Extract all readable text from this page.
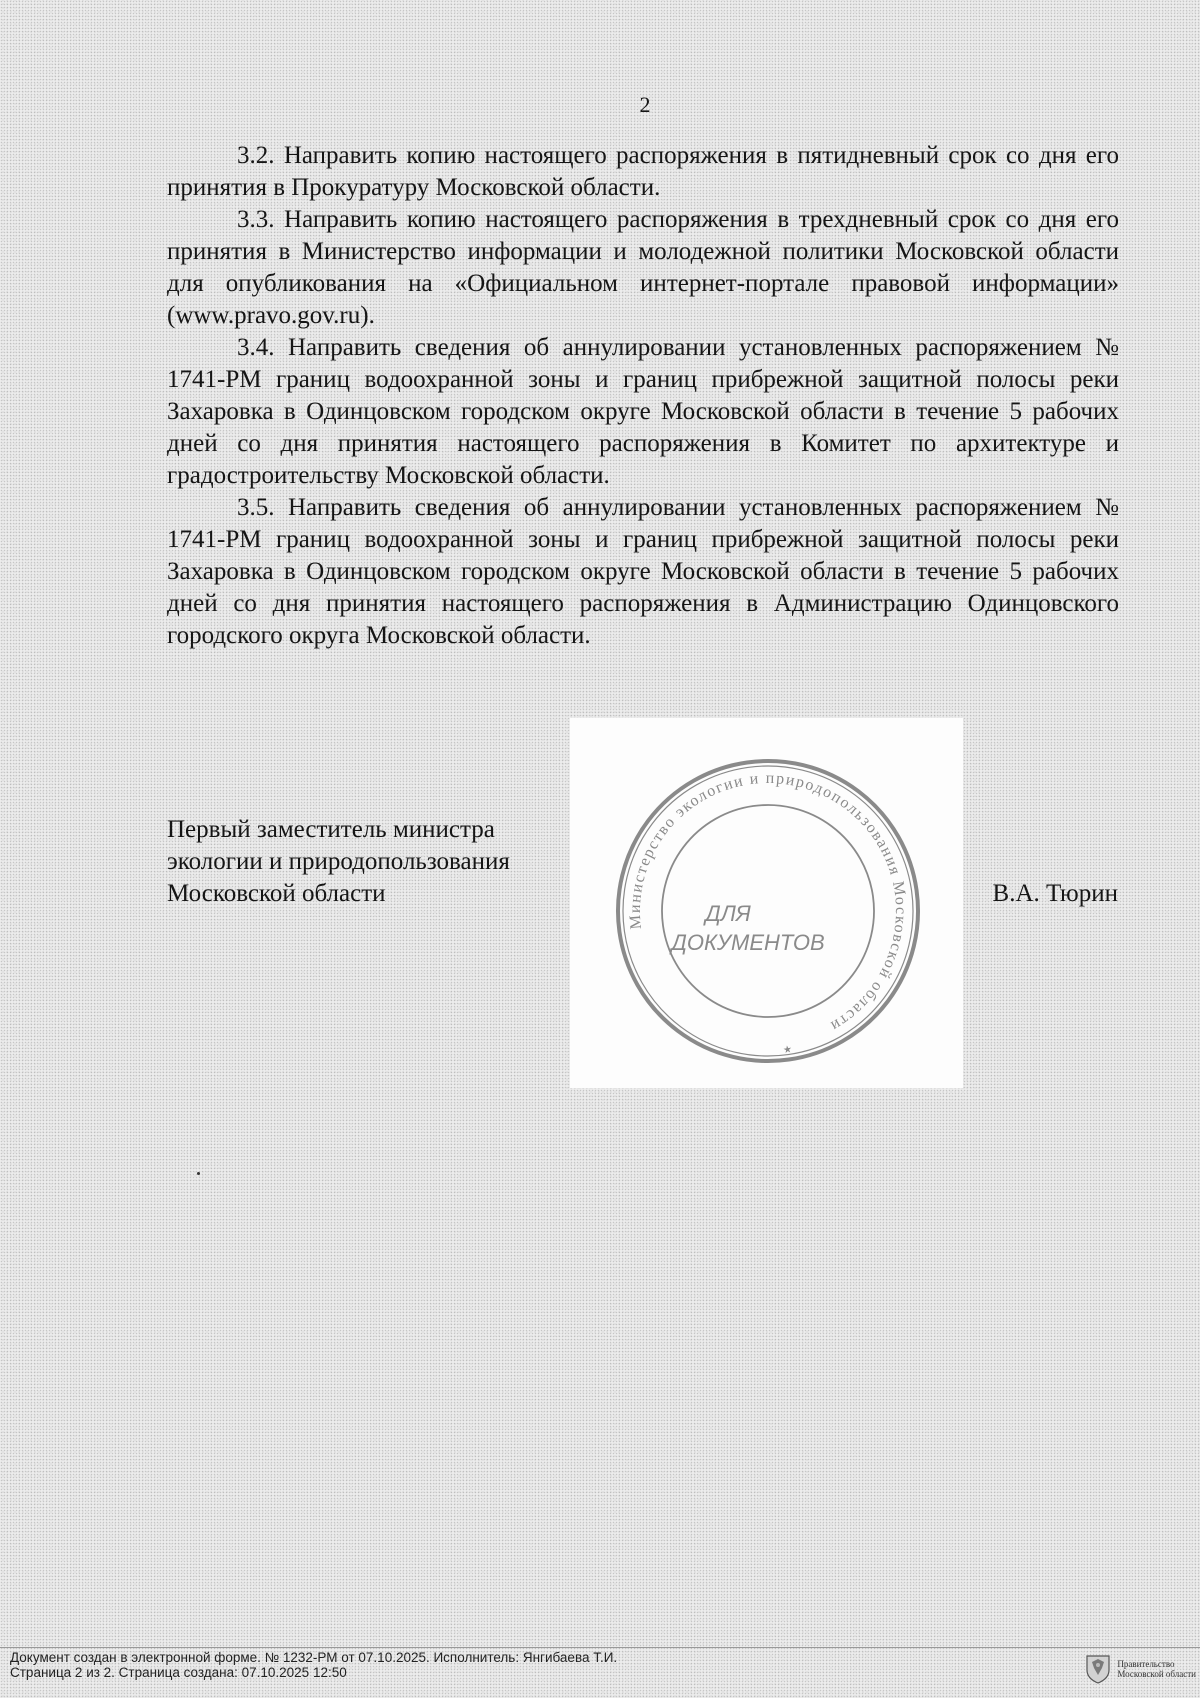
2

3.2. Направить копию настоящего распоряжения в пятидневный срок со дня его принятия в Прокуратуру Московской области.

3.3. Направить копию настоящего распоряжения в трехдневный срок со дня его принятия в Министерство информации и молодежной политики Московской области для опубликования на «Официальном интернет-портале правовой информации» (www.pravo.gov.ru).

3.4. Направить сведения об аннулировании установленных распоряжением № 1741-РМ границ водоохранной зоны и границ прибрежной защитной полосы реки Захаровка в Одинцовском городском округе Московской области в течение 5 рабочих дней со дня принятия настоящего распоряжения в Комитет по архитектуре и градостроительству Московской области.

3.5. Направить сведения об аннулировании установленных распоряжением № 1741-РМ границ водоохранной зоны и границ прибрежной защитной полосы реки Захаровка в Одинцовском городском округе Московской области в течение 5 рабочих дней со дня принятия настоящего распоряжения в Администрацию Одинцовского городского округа Московской области.

Министерство экологии и природопользования Московской области
ДЛЯ
ДОКУМЕНТОВ
★
Первый заместитель министра
экологии и природопользования
Московской области	В.А. Тюрин
Документ создан в электронной форме. № 1232-РМ от 07.10.2025. Исполнитель: Янгибаева Т.И.
Страница 2 из 2. Страница создана: 07.10.2025 12:50
Правительство
Московской области
